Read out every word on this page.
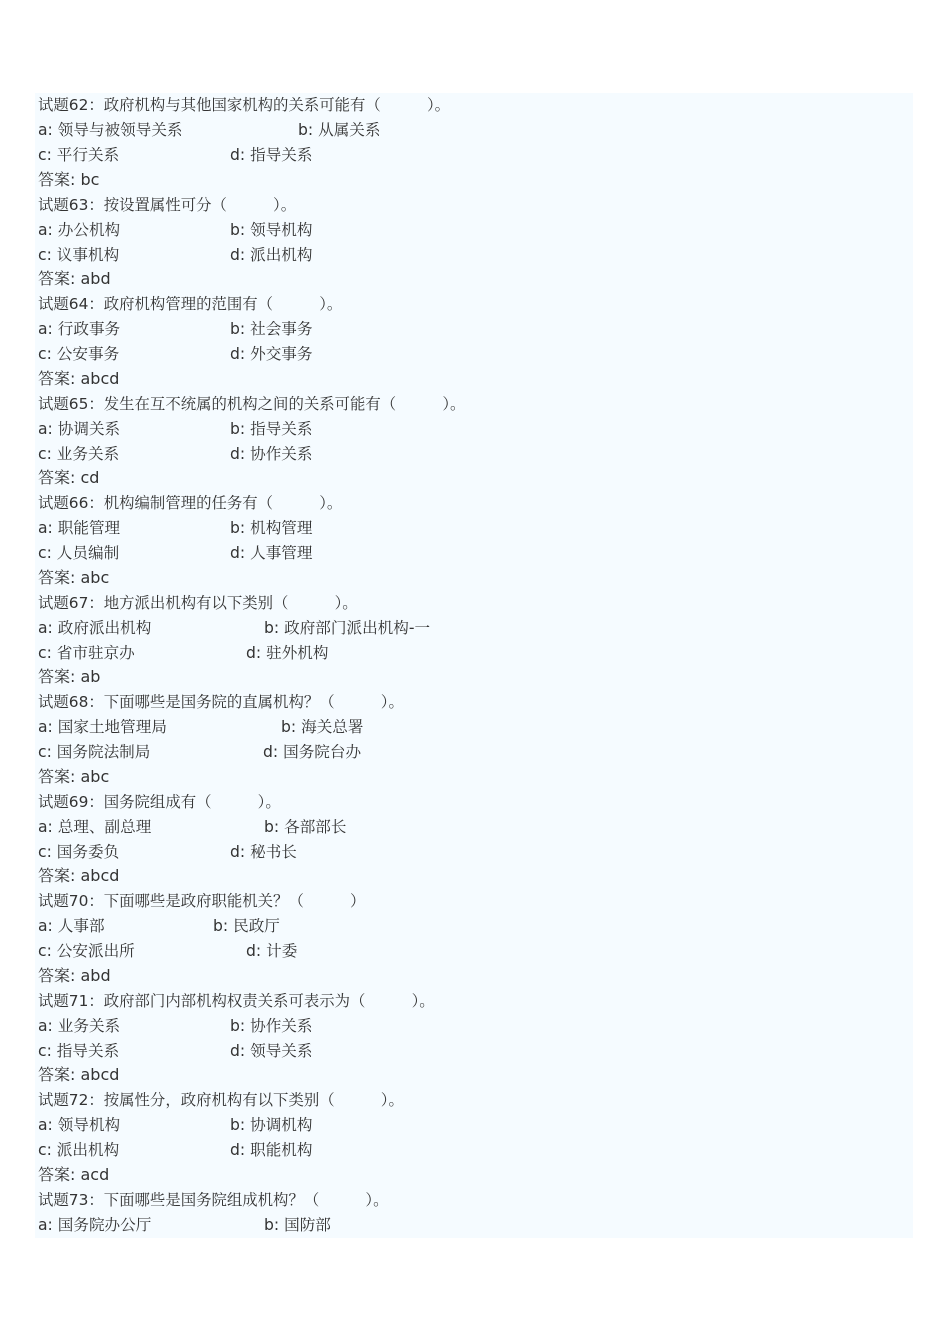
试题62：政府机构与其他国家机构的关系可能有（　　　）。
a: 领导与被领导关系	b: 从属关系
c: 平行关系	d: 指导关系
答案: bc
试题63：按设置属性可分（　　　）。
a: 办公机构	b: 领导机构
c: 议事机构	d: 派出机构
答案: abd
试题64：政府机构管理的范围有（　　　）。
a: 行政事务	b: 社会事务
c: 公安事务	d: 外交事务
答案: abcd
试题65：发生在互不统属的机构之间的关系可能有（　　　）。
a: 协调关系	b: 指导关系
c: 业务关系	d: 协作关系
答案: cd
试题66：机构编制管理的任务有（　　　）。
a: 职能管理	b: 机构管理
c: 人员编制	d: 人事管理
答案: abc
试题67：地方派出机构有以下类别（　　　）。
a: 政府派出机构	b: 政府部门派出机构-一
c: 省市驻京办	d: 驻外机构
答案: ab
试题68：下面哪些是国务院的直属机构？（　　　）。
a: 国家土地管理局	b: 海关总署
c: 国务院法制局	d: 国务院台办
答案: abc
试题69：国务院组成有（　　　）。
a: 总理、副总理	b: 各部部长
c: 国务委负	d: 秘书长
答案: abcd
试题70：下面哪些是政府职能机关？（　　　）
a: 人事部	b: 民政厅
c: 公安派出所	d: 计委
答案: abd
试题71：政府部门内部机构权责关系可表示为（　　　）。
a: 业务关系	b: 协作关系
c: 指导关系	d: 领导关系
答案: abcd
试题72：按属性分，政府机构有以下类别（　　　）。
a: 领导机构	b: 协调机构
c: 派出机构	d: 职能机构
答案: acd
试题73：下面哪些是国务院组成机构？（　　　）。
a: 国务院办公厅	b: 国防部
